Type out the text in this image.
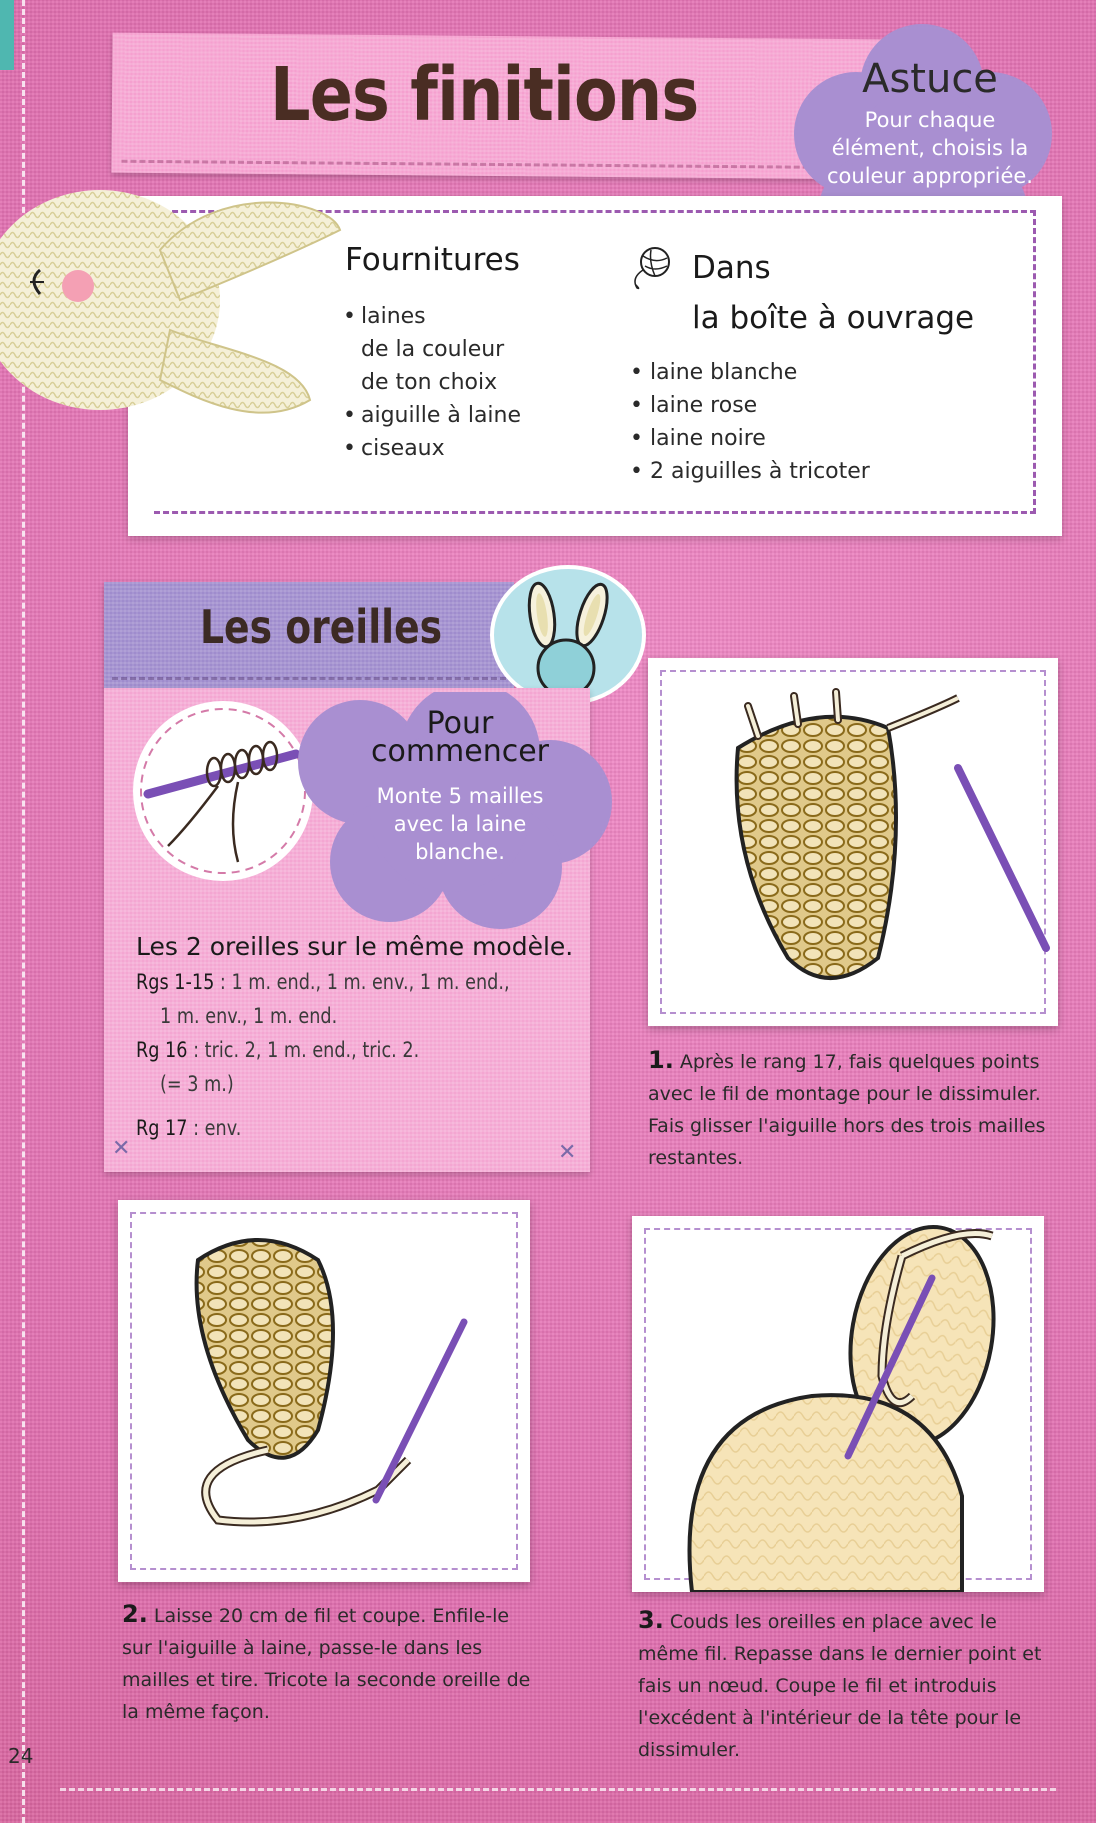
Les finitions	Astuce
Pour chaque élément, choisis la couleur appropriée.
Fournitures
• laines
de la couleur
de ton choix
• aiguille à laine
• ciseaux
Dans
la boîte à ouvrage
• laine blanche
• laine rose
• laine noire
• 2 aiguilles à tricoter
Les oreilles
Pour
commencer
Monte 5 mailles avec la laine blanche.
Les 2 oreilles sur le même modèle.
Rgs 1-15 : 1 m. end., 1 m. env., 1 m. end.,
1 m. env., 1 m. end.
Rg 16 : tric. 2, 1 m. end., tric. 2.
(= 3 m.)
Rg 17 : env.
✕	✕
1. Après le rang 17, fais quelques points avec le fil de montage pour le dissimuler. Fais glisser l'aiguille hors des trois mailles restantes.
2. Laisse 20 cm de fil et coupe. Enfile-le sur l'aiguille à laine, passe-le dans les mailles et tire. Tricote la seconde oreille de la même façon.
3. Couds les oreilles en place avec le même fil. Repasse dans le dernier point et fais un nœud. Coupe le fil et introduis l'excédent à l'intérieur de la tête pour le dissimuler.
24
